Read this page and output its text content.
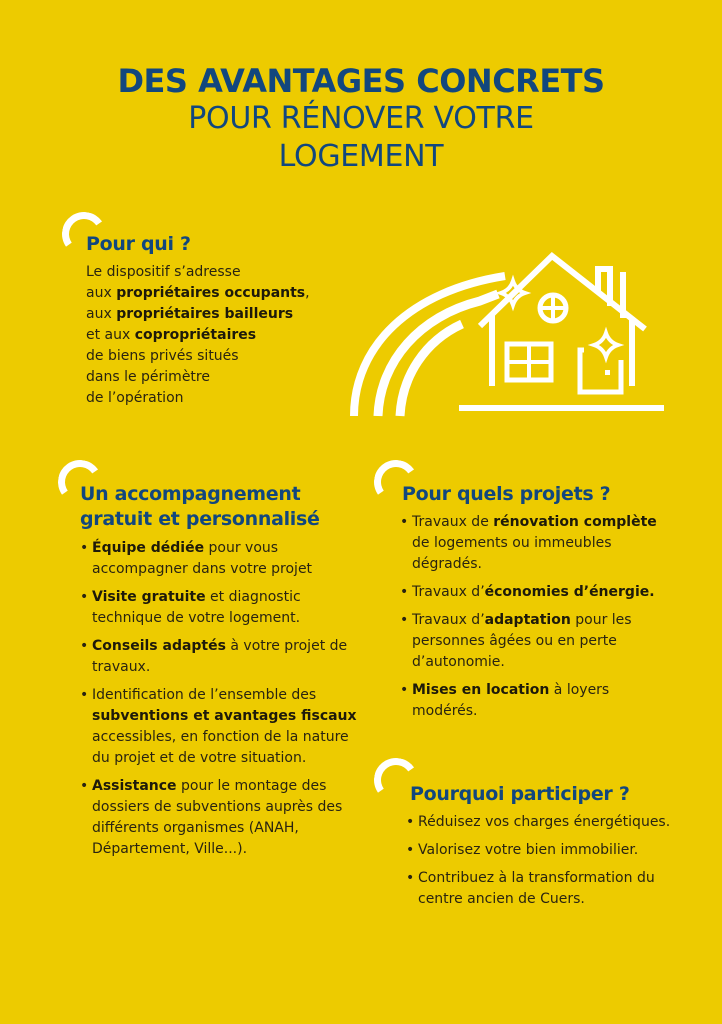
DES AVANTAGES CONCRETS
POUR RÉNOVER VOTRE
LOGEMENT
Pour qui ?
Le dispositif s’adresse
aux propriétaires occupants,
aux propriétaires bailleurs
et aux copropriétaires
de biens privés situés
dans le périmètre
de l’opération
Un accompagnement
gratuit et personnalisé
• Équipe dédiée pour vous accompagner dans votre projet
• Visite gratuite et diagnostic technique de votre logement.
• Conseils adaptés à votre projet de travaux.
• Identification de l’ensemble des subventions et avantages fiscaux accessibles, en fonction de la nature du projet et de votre situation.
• Assistance pour le montage des dossiers de subventions auprès des différents organismes (ANAH, Département, Ville...).
Pour quels projets ?
• Travaux de rénovation complète de logements ou immeubles dégradés.
• Travaux d’économies d’énergie.
• Travaux d’adaptation pour les personnes âgées ou en perte d’autonomie.
• Mises en location à loyers modérés.
Pourquoi participer ?
• Réduisez vos charges énergétiques.
• Valorisez votre bien immobilier.
• Contribuez à la transformation du centre ancien de Cuers.
